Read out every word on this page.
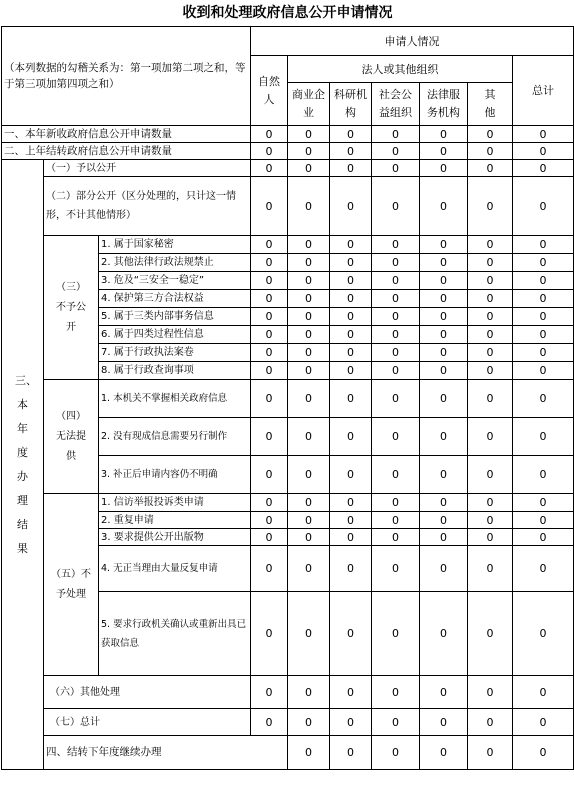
收到和处理政府信息公开申请情况										
（本列数据的勾稽关系为：第一项加第二项之和，等于第三项加第四项之和）			申请人情况							
			自然人	法人或其他组织					总计	
				商业企业	科研机构	社会公益组织	法律服务机构	其他		
一、本年新收政府信息公开申请数量			0	0	0	0	0	0	0	
二、上年结转政府信息公开申请数量			0	0	0	0	0	0	0	
三、本年度办理结果	（一）予以公开		0	0	0	0	0	0	0	
	（二）部分公开（区分处理的，只计这一情形，不计其他情形）		0	0	0	0	0	0	0	
	（三）不予公开	1. 属于国家秘密	0	0	0	0	0	0	0	
		2. 其他法律行政法规禁止	0	0	0	0	0	0	0	
		3. 危及“三安全一稳定”	0	0	0	0	0	0	0	
		4. 保护第三方合法权益	0	0	0	0	0	0	0	
		5. 属于三类内部事务信息	0	0	0	0	0	0	0	
		6. 属于四类过程性信息	0	0	0	0	0	0	0	
		7. 属于行政执法案卷	0	0	0	0	0	0	0	
		8. 属于行政查询事项	0	0	0	0	0	0	0	
	（四）无法提供	1. 本机关不掌握相关政府信息	0	0	0	0	0	0	0	
		2. 没有现成信息需要另行制作	0	0	0	0	0	0	0	
		3. 补正后申请内容仍不明确	0	0	0	0	0	0	0	
	（五）不予处理	1. 信访举报投诉类申请	0	0	0	0	0	0	0	
		2. 重复申请	0	0	0	0	0	0	0	
		3. 要求提供公开出版物	0	0	0	0	0	0	0	
		4. 无正当理由大量反复申请	0	0	0	0	0	0	0	
		5. 要求行政机关确认或重新出具已获取信息	0	0	0	0	0	0	0	
	（六）其他处理		0	0	0	0	0	0	0	
	（七）总计		0	0	0	0	0	0	0	
	四、结转下年度继续办理			0	0	0	0	0	0	
